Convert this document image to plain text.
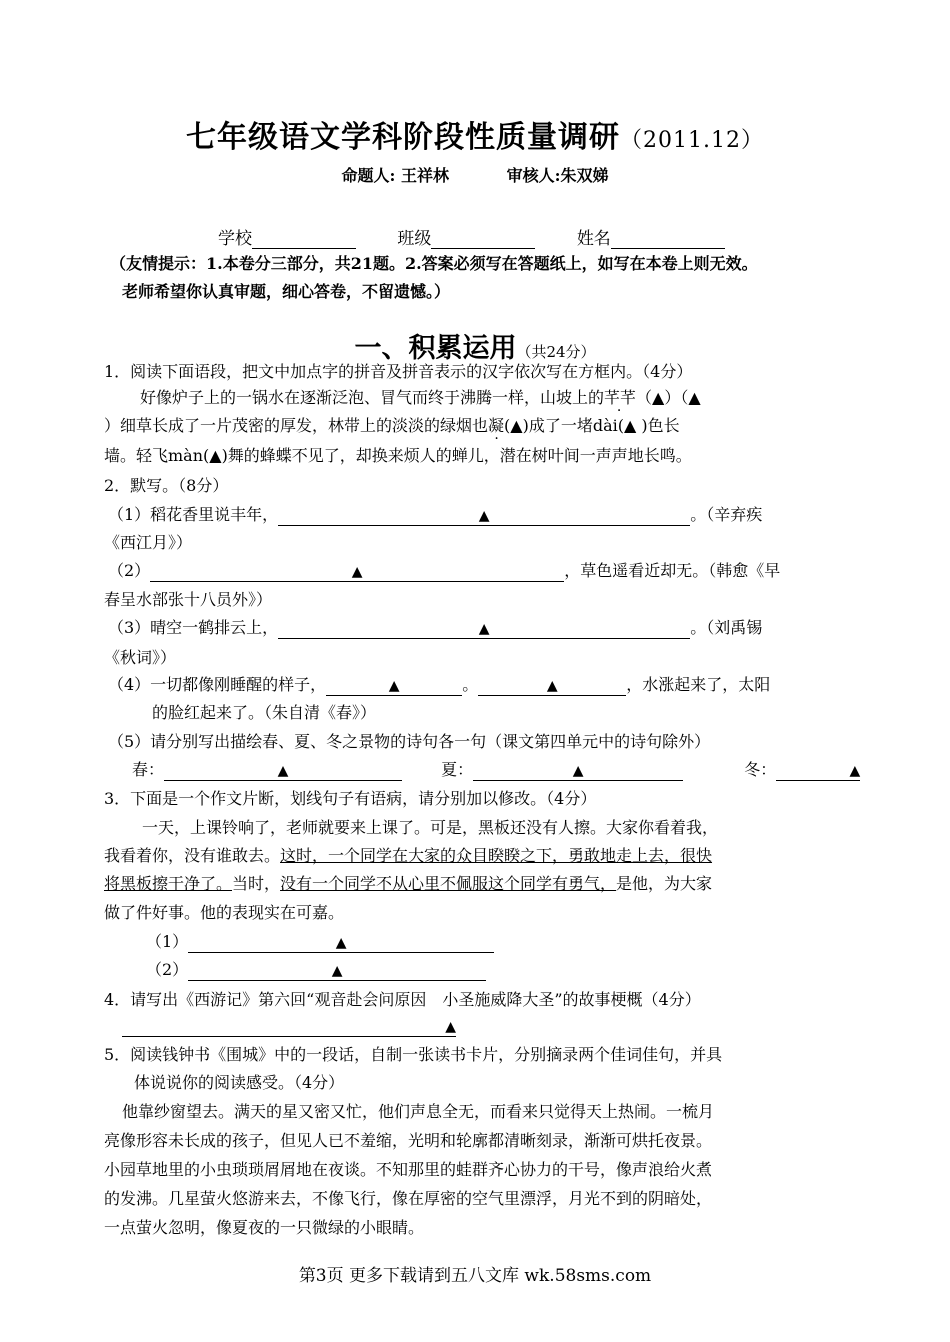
七年级语文学科阶段性质量调研（2011.12）
命题人: 王祥林	审核人:朱双娣
学校	班级	姓名
（友情提示：1.本卷分三部分，共21题。2.答案必须写在答题纸上，如写在本卷上则无效。
老师希望你认真审题，细心答卷，不留遗憾。）
一、积累运用（共24分）
1．阅读下面语段，把文中加点字的拼音及拼音表示的汉字依次写在方框内。（4分）
好像炉子上的一锅水在逐渐泛泡、冒气而终于沸腾一样，山坡上的芊芊（▲）（▲
）细草长成了一片茂密的厚发，林带上的淡淡的绿烟也凝(▲)成了一堵dài(▲ )色长
墙。轻飞màn(▲)舞的蜂蝶不见了，却换来烦人的蝉儿，潜在树叶间一声声地长鸣。
2．默写。（8分）
（1）稻花香里说丰年，	▲	。（辛弃疾
《西江月》）
（2）	▲	，草色遥看近却无。（韩愈《早
春呈水部张十八员外》）
（3）晴空一鹤排云上，	▲	。（刘禹锡
《秋词》）
（4）一切都像刚睡醒的样子，	▲	。	▲	，水涨起来了，太阳
的脸红起来了。（朱自清《春》）
（5）请分别写出描绘春、夏、冬之景物的诗句各一句（课文第四单元中的诗句除外）
春：	▲	夏：	▲	冬：	▲
3．下面是一个作文片断，划线句子有语病，请分别加以修改。（4分）
一天，上课铃响了，老师就要来上课了。可是，黑板还没有人擦。大家你看着我，
我看着你，没有谁敢去。这时，一个同学在大家的众目睽睽之下，勇敢地走上去，很快
将黑板擦干净了。当时，没有一个同学不从心里不佩服这个同学有勇气，是他，为大家
做了件好事。他的表现实在可嘉。
（1）	▲
（2）	▲
4．请写出《西游记》第六回“观音赴会问原因　小圣施威降大圣”的故事梗概（4分）
▲
5．阅读钱钟书《围城》中的一段话，自制一张读书卡片，分别摘录两个佳词佳句，并具
体说说你的阅读感受。（4分）
他靠纱窗望去。满天的星又密又忙，他们声息全无，而看来只觉得天上热闹。一梳月
亮像形容未长成的孩子，但见人已不羞缩，光明和轮廓都清晰刻录，渐渐可烘托夜景。
小园草地里的小虫琐琐屑屑地在夜谈。不知那里的蛙群齐心协力的干号，像声浪给火煮
的发沸。几星萤火悠游来去，不像飞行，像在厚密的空气里漂浮，月光不到的阴暗处，
一点萤火忽明，像夏夜的一只微绿的小眼睛。
第3页 更多下载请到五八文库 wk.58sms.com
